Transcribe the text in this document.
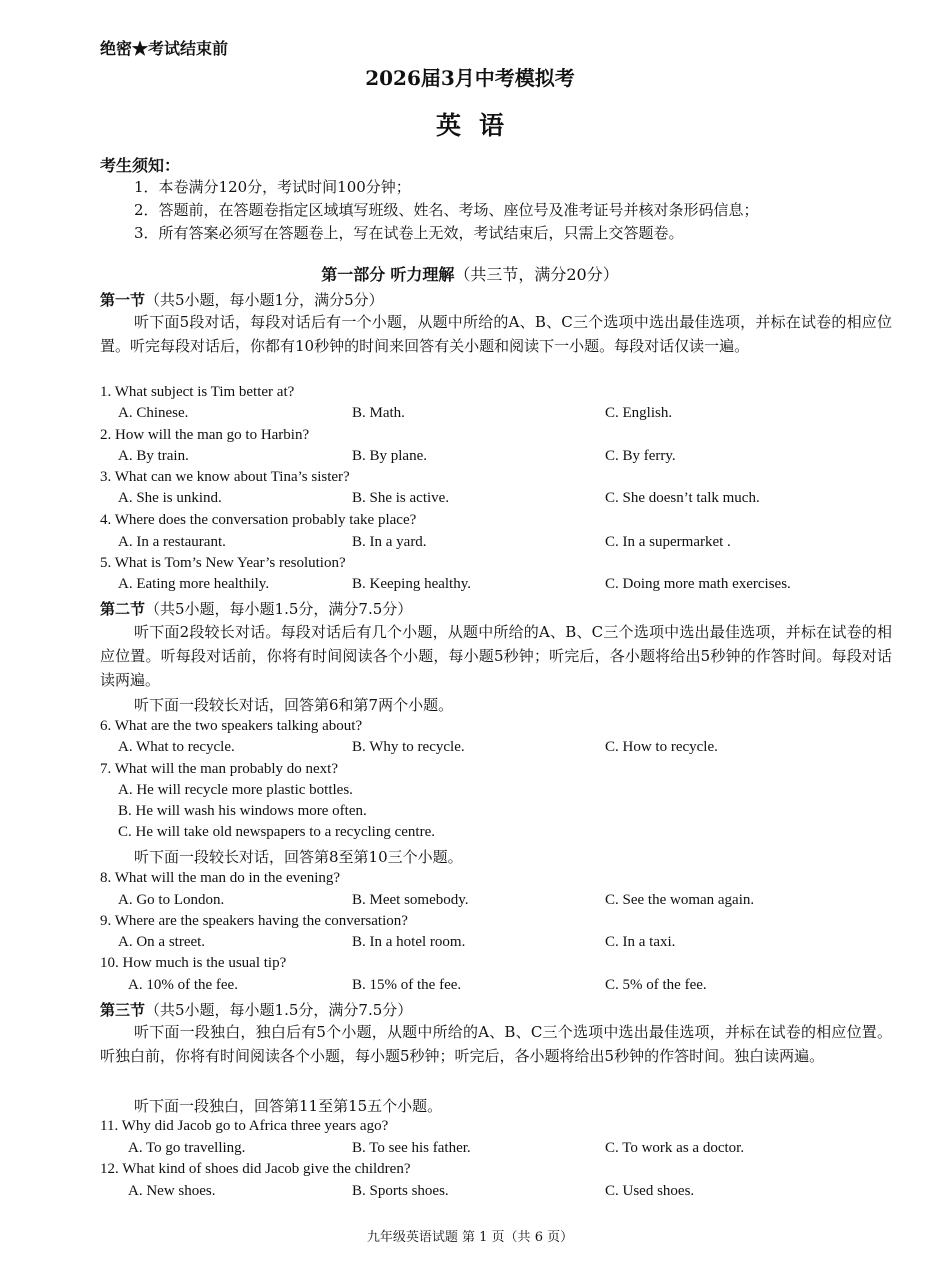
绝密★考试结束前
2026届3月中考模拟考
英语
考生须知：
1．本卷满分120分，考试时间100分钟；
2．答题前，在答题卷指定区域填写班级、姓名、考场、座位号及准考证号并核对条形码信息；
3．所有答案必须写在答题卷上，写在试卷上无效，考试结束后，只需上交答题卷。
第一部分 听力理解（共三节，满分20分）
第一节（共5小题，每小题1分，满分5分）
听下面5段对话，每段对话后有一个小题，从题中所给的A、B、C三个选项中选出最佳选项，并标在试卷的相应位置。听完每段对话后，你都有10秒钟的时间来回答有关小题和阅读下一小题。每段对话仅读一遍。
1. What subject is Tim better at?
A. Chinese.	B. Math.	C. English.
2. How will the man go to Harbin?
A. By train.	B. By plane.	C. By ferry.
3. What can we know about Tina’s sister?
A. She is unkind.	B. She is active.	C. She doesn’t talk much.
4. Where does the conversation probably take place?
A. In a restaurant.	B. In a yard.	C. In a supermarket .
5. What is Tom’s New Year’s resolution?
A. Eating more healthily.	B. Keeping healthy.	C. Doing more math exercises.
第二节（共5小题，每小题1.5分，满分7.5分）
听下面2段较长对话。每段对话后有几个小题，从题中所给的A、B、C三个选项中选出最佳选项，并标在试卷的相应位置。听每段对话前，你将有时间阅读各个小题，每小题5秒钟；听完后，各小题将给出5秒钟的作答时间。每段对话读两遍。
听下面一段较长对话，回答第6和第7两个小题。
6. What are the two speakers talking about?
A. What to recycle.	B. Why to recycle.	C. How to recycle.
7. What will the man probably do next?
A. He will recycle more plastic bottles.
B. He will wash his windows more often.
C. He will take old newspapers to a recycling centre.
听下面一段较长对话，回答第8至第10三个小题。
8. What will the man do in the evening?
A. Go to London.	B. Meet somebody.	C. See the woman again.
9. Where are the speakers having the conversation?
A. On a street.	B. In a hotel room.	C. In a taxi.
10. How much is the usual tip?
A. 10% of the fee.	B. 15% of the fee.	C. 5% of the fee.
第三节（共5小题，每小题1.5分，满分7.5分）
听下面一段独白，独白后有5个小题，从题中所给的A、B、C三个选项中选出最佳选项，并标在试卷的相应位置。听独白前，你将有时间阅读各个小题，每小题5秒钟；听完后，各小题将给出5秒钟的作答时间。独白读两遍。
听下面一段独白，回答第11至第15五个小题。
11. Why did Jacob go to Africa three years ago?
A. To go travelling.	B. To see his father.	C. To work as a doctor.
12. What kind of shoes did Jacob give the children?
A. New shoes.	B. Sports shoes.	C. Used shoes.
九年级英语试题 第 1 页（共 6 页）
